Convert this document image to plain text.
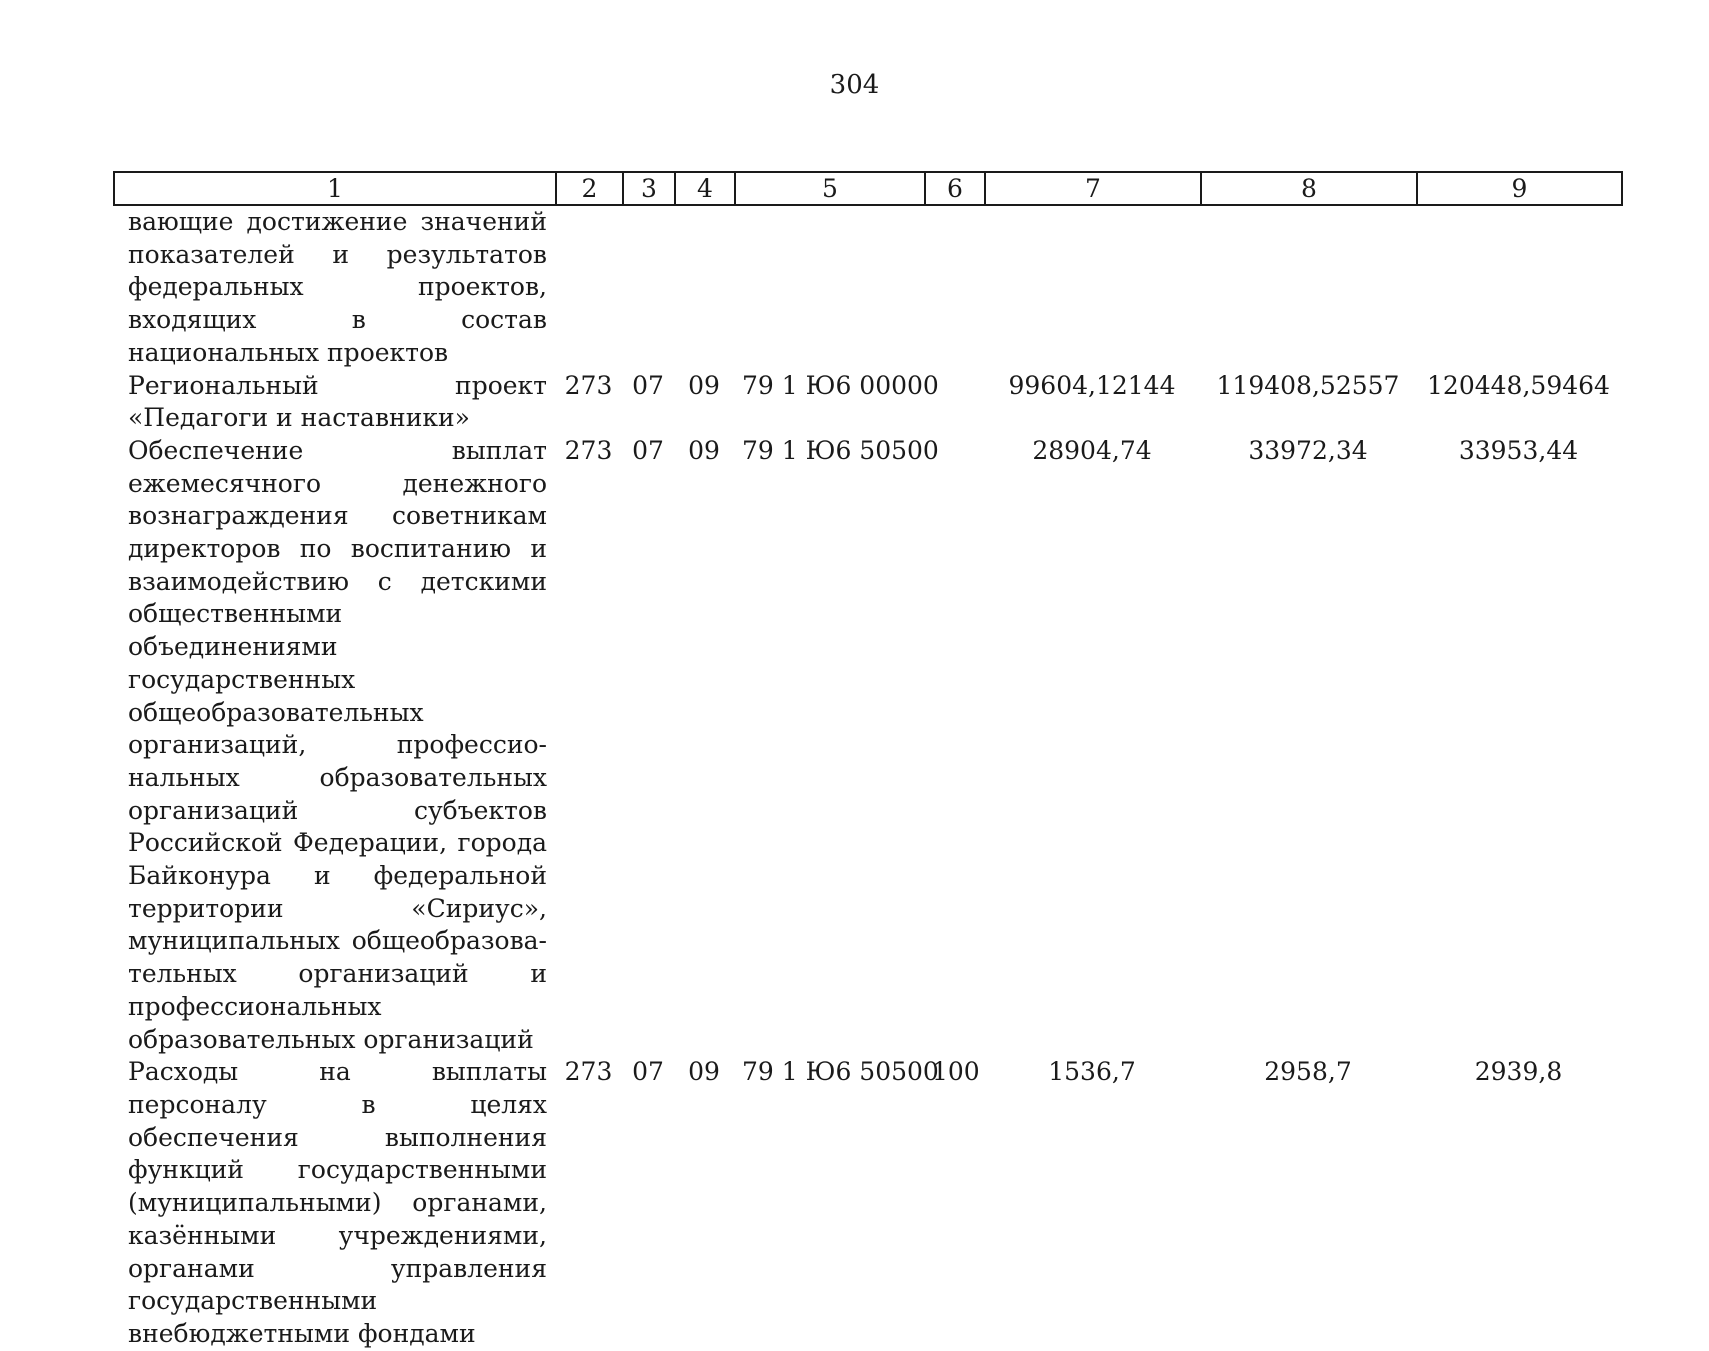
304
1	2	3	4	5	6	7	8	9
вающие достижение значений показателей и результатов федеральных проектов, входящих в состав национальных проектов								
Региональный проект «Педагоги и наставники»	273	07	09	79 1 Ю6 00000		99604,12144	119408,52557	120448,59464
Обеспечение выплат ежемесячного денежного вознаграждения советникам директоров по воспитанию и взаимодействию с детскими общественными объединениями государственных общеобразовательных организаций, профессиональных образовательных организаций субъектов Российской Федерации, города Байконура и федеральной территории «Сириус», муниципальных общеобразовательных организаций и профессиональных образовательных организаций	273	07	09	79 1 Ю6 50500		28904,74	33972,34	33953,44
Расходы на выплаты персоналу в целях обеспечения выполнения функций государственными (муниципальными) органами, казёнными учреждениями, органами управления государственными внебюджетными фондами	273	07	09	79 1 Ю6 50500	100	1536,7	2958,7	2939,8
